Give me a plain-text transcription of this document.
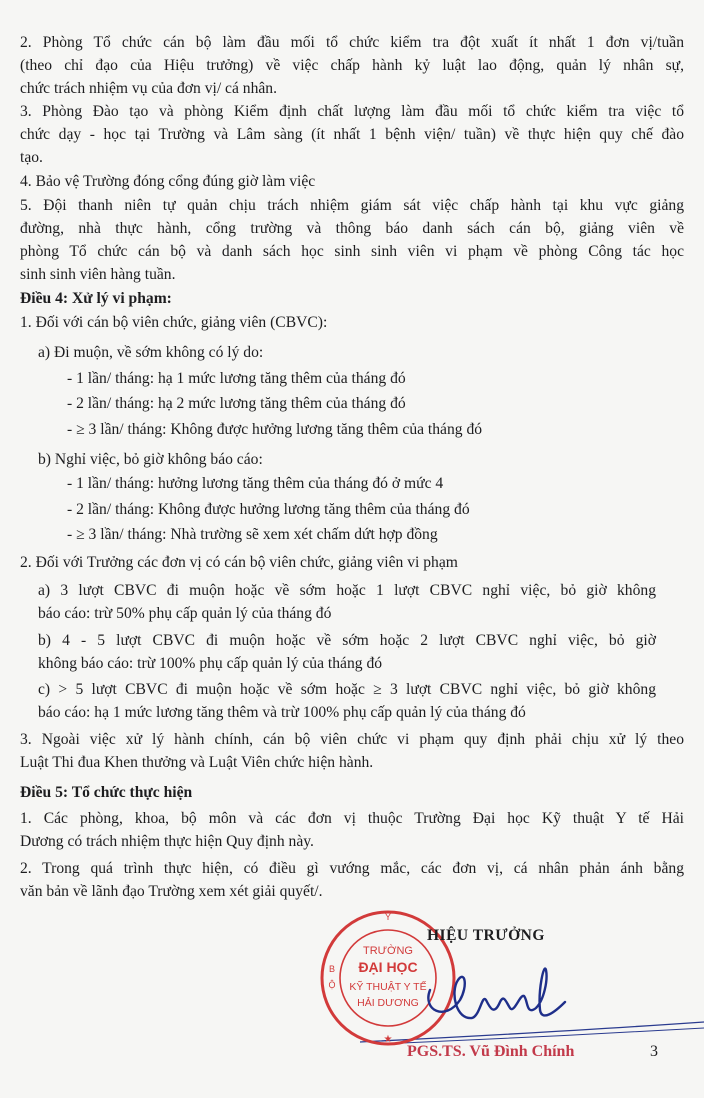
2. Phòng Tổ chức cán bộ làm đầu mối tổ chức kiểm tra đột xuất ít nhất 1 đơn vị/tuần

(theo chỉ đạo của Hiệu trưởng) về việc chấp hành kỷ luật lao động, quản lý nhân sự,

chức trách nhiệm vụ của đơn vị/ cá nhân.

3. Phòng Đào tạo và phòng Kiểm định chất lượng làm đầu mối tổ chức kiểm tra việc tổ

chức dạy - học tại Trường và Lâm sàng (ít nhất 1 bệnh viện/ tuần) về thực hiện quy chế đào

tạo.

4. Bảo vệ Trường đóng cổng đúng giờ làm việc

5. Đội thanh niên tự quản chịu trách nhiệm giám sát việc chấp hành tại khu vực giảng

đường, nhà thực hành, cổng trường và thông báo danh sách cán bộ, giảng viên về

phòng Tổ chức cán bộ và danh sách học sinh sinh viên vi phạm về phòng Công tác học

sinh sinh viên hàng tuần.

Điều 4: Xử lý vi phạm:

1. Đối với cán bộ viên chức, giảng viên (CBVC):

a) Đi muộn, về sớm không có lý do:

- 1 lần/ tháng: hạ 1 mức lương tăng thêm của tháng đó

- 2 lần/ tháng: hạ 2 mức lương tăng thêm của tháng đó

- ≥ 3 lần/ tháng: Không được hưởng lương tăng thêm của tháng đó

b) Nghỉ việc, bỏ giờ không báo cáo:

- 1 lần/ tháng: hưởng lương tăng thêm của tháng đó ở mức 4

- 2 lần/ tháng: Không được hưởng lương tăng thêm của tháng đó

- ≥ 3 lần/ tháng: Nhà trường sẽ xem xét chấm dứt hợp đồng

2. Đối với Trưởng các đơn vị có cán bộ viên chức, giảng viên vi phạm

a) 3 lượt CBVC đi muộn hoặc về sớm hoặc 1 lượt CBVC nghỉ việc, bỏ giờ không

báo cáo: trừ 50% phụ cấp quản lý của tháng đó

b) 4 - 5 lượt CBVC đi muộn hoặc về sớm hoặc 2 lượt CBVC nghỉ việc, bỏ giờ

không báo cáo: trừ 100% phụ cấp quản lý của tháng đó

c) > 5 lượt CBVC đi muộn hoặc về sớm hoặc ≥ 3 lượt CBVC nghỉ việc, bỏ giờ không

báo cáo: hạ 1 mức lương tăng thêm và trừ 100% phụ cấp quản lý của tháng đó

3. Ngoài việc xử lý hành chính, cán bộ viên chức vi phạm quy định phải chịu xử lý theo

Luật Thi đua Khen thưởng và Luật Viên chức hiện hành.

Điều 5: Tổ chức thực hiện

1. Các phòng, khoa, bộ môn và các đơn vị thuộc Trường Đại học Kỹ thuật Y tế Hải

Dương có trách nhiệm thực hiện Quy định này.

2. Trong quá trình thực hiện, có điều gì vướng mắc, các đơn vị, cá nhân phản ánh bằng

văn bản về lãnh đạo Trường xem xét giải quyết/.

Y
B
Ộ
★
TRƯỜNG
ĐẠI HỌC
KỸ THUẬT Y TẾ
HẢI DƯƠNG
HIỆU TRƯỞNG
PGS.TS. Vũ Đình Chính	3
